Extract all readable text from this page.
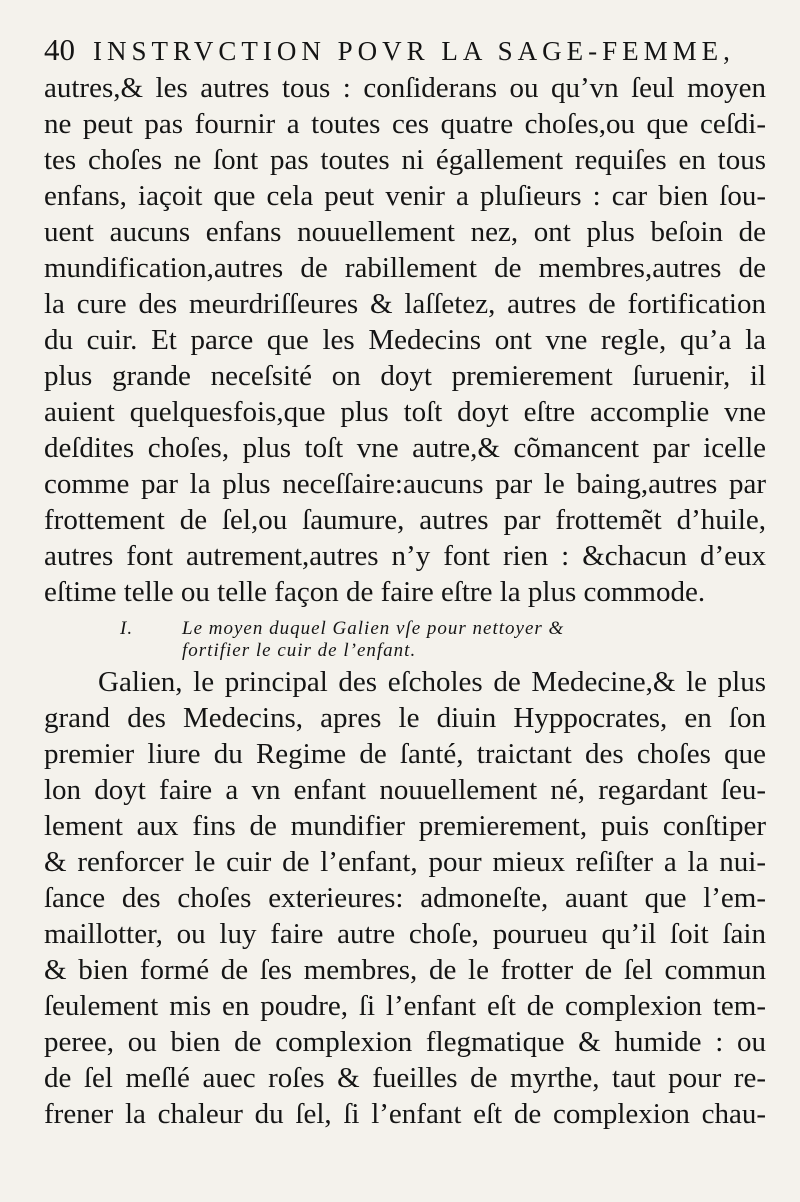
40 INSTRVCTION POVR LA SAGE-FEMME,
autres,& les autres tous : conſiderans ou qu’vn ſeul moyen
ne peut pas fournir a toutes ces quatre choſes,ou que ceſdi-
tes choſes ne ſont pas toutes ni égallement requiſes en tous
enfans, iaçoit que cela peut venir a pluſieurs : car bien ſou-
uent aucuns enfans nouuellement nez, ont plus beſoin de
mundification,autres de rabillement de membres,autres de
la cure des meurdriſſeures & laſſetez, autres de fortification
du cuir. Et parce que les Medecins ont vne regle, qu’a la
plus grande neceſsité on doyt premierement ſuruenir, il
auient quelquesfois,que plus toſt doyt eſtre accomplie vne
deſdites choſes, plus toſt vne autre,& cõmancent par icelle
comme par la plus neceſſaire:aucuns par le baing,autres par
frottement de ſel,ou ſaumure, autres par frottemẽt d’huile,
autres font autrement,autres n’y font rien : &chacun d’eux
eſtime telle ou telle façon de faire eſtre la plus commode.
I.	Le moyen duquel Galien vſe pour nettoyer &
fortifier le cuir de l’enfant.
Galien, le principal des eſcholes de Medecine,& le plus
grand des Medecins, apres le diuin Hyppocrates, en ſon
premier liure du Regime de ſanté, traictant des choſes que
lon doyt faire a vn enfant nouuellement né, regardant ſeu-
lement aux fins de mundifier premierement, puis conſtiper
& renforcer le cuir de l’enfant, pour mieux reſiſter a la nui-
ſance des choſes exterieures: admoneſte, auant que l’em-
maillotter, ou luy faire autre choſe, pourueu qu’il ſoit ſain
& bien formé de ſes membres, de le frotter de ſel commun
ſeulement mis en poudre, ſi l’enfant eſt de complexion tem-
peree, ou bien de complexion flegmatique & humide : ou
de ſel meſlé auec roſes & fueilles de myrthe, taut pour re-
frener la chaleur du ſel, ſi l’enfant eſt de complexion chau-
